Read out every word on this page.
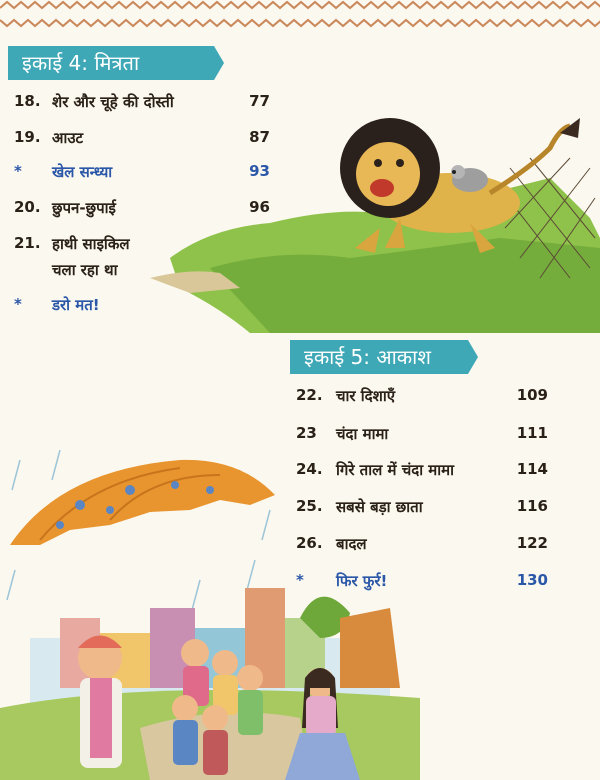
इकाई 4: मित्रता
18. शेर और चूहे की दोस्ती	77
19. आउट	87
* खेल सन्ध्या	93
20. छुपन-छुपाई	96
21. हाथी साइकिल
चला रहा था
* डरो मत!
इकाई 5: आकाश
22. चार दिशाएँ	109
23 चंदा मामा	111
24. गिरे ताल में चंदा मामा	114
25. सबसे बड़ा छाता	116
26. बादल	122
* फिर फुर्र!	130
